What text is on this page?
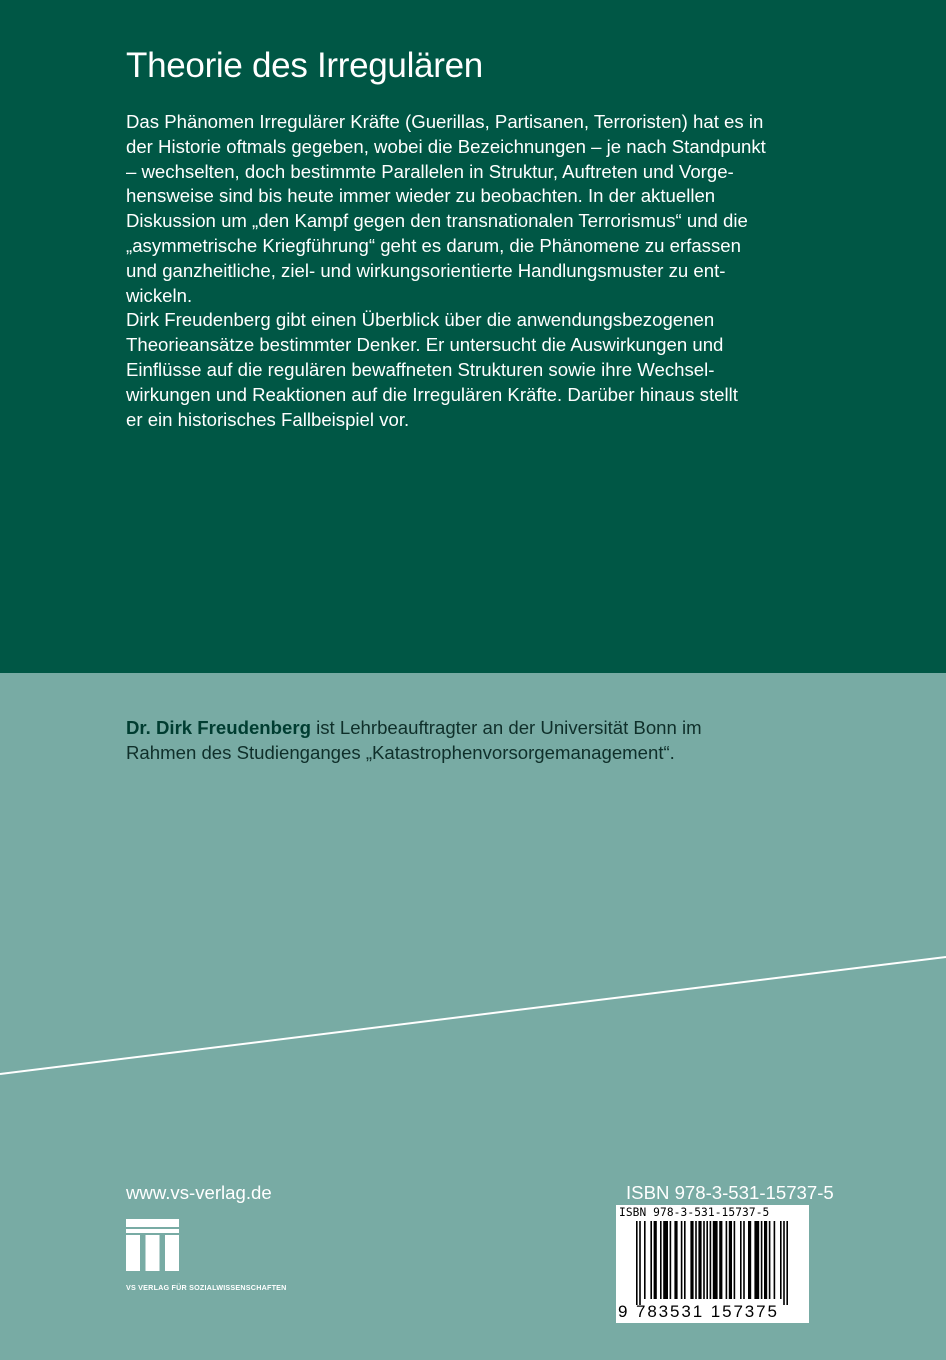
Theorie des Irregulären
Das Phänomen Irregulärer Kräfte (Guerillas, Partisanen, Terroristen) hat es in
der Historie oftmals gegeben, wobei die Bezeichnungen – je nach Standpunkt
– wechselten, doch bestimmte Parallelen in Struktur, Auftreten und Vorge-
hensweise sind bis heute immer wieder zu beobachten. In der aktuellen
Diskussion um „den Kampf gegen den transnationalen Terrorismus“ und die
„asymmetrische Kriegführung“ geht es darum, die Phänomene zu erfassen
und ganzheitliche, ziel- und wirkungsorientierte Handlungsmuster zu ent-
wickeln.
Dirk Freudenberg gibt einen Überblick über die anwendungsbezogenen
Theorieansätze bestimmter Denker. Er untersucht die Auswirkungen und
Einflüsse auf die regulären bewaffneten Strukturen sowie ihre Wechsel-
wirkungen und Reaktionen auf die Irregulären Kräfte. Darüber hinaus stellt
er ein historisches Fallbeispiel vor.
Dr. Dirk Freudenberg ist Lehrbeauftragter an der Universität Bonn im
Rahmen des Studienganges „Katastrophenvorsorgemanagement“.
www.vs-verlag.de
VS VERLAG FÜR SOZIALWISSENSCHAFTEN
ISBN 978-3-531-15737-5
ISBN 978-3-531-15737-5
9 783531 157375
